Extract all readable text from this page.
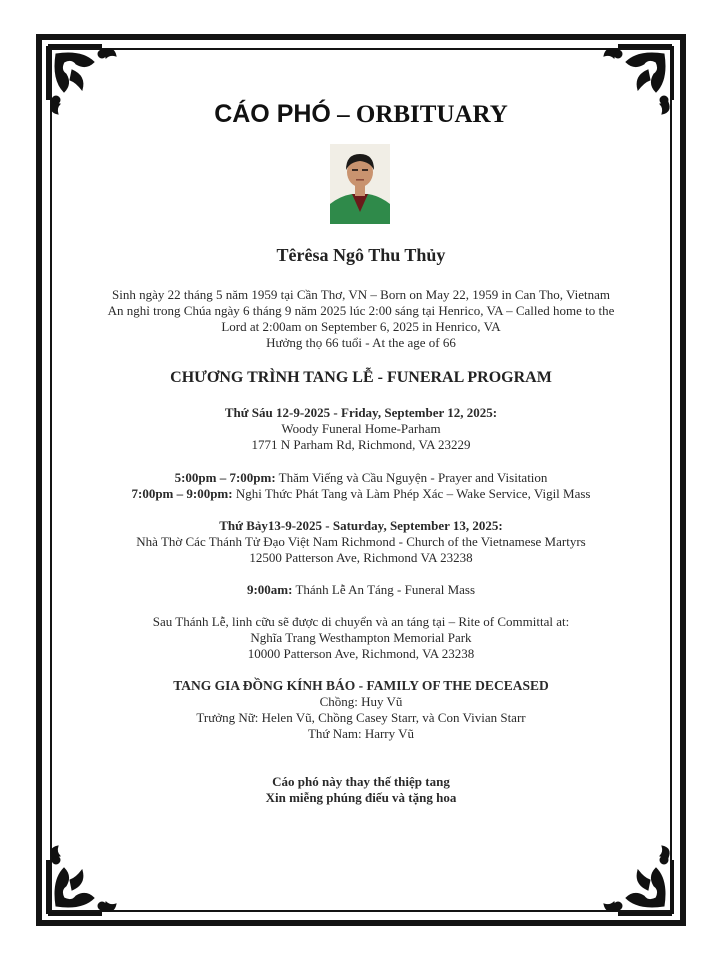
CÁO PHÓ – ORBITUARY
Têrêsa Ngô Thu Thủy
Sinh ngày 22 tháng 5 năm 1959 tại Cần Thơ, VN – Born on May 22, 1959 in Can Tho, Vietnam
An nghỉ trong Chúa ngày 6 tháng 9 năm 2025 lúc 2:00 sáng tại Henrico, VA – Called home to the
Lord at 2:00am on September 6, 2025 in Henrico, VA
Hưởng thọ 66 tuổi - At the age of 66
CHƯƠNG TRÌNH TANG LỄ - FUNERAL PROGRAM
Thứ Sáu 12-9-2025 - Friday, September 12, 2025:
Woody Funeral Home-Parham
1771 N Parham Rd, Richmond, VA 23229
5:00pm – 7:00pm: Thăm Viếng và Cầu Nguyện - Prayer and Visitation
7:00pm – 9:00pm: Nghi Thức Phát Tang và Làm Phép Xác – Wake Service, Vigil Mass
Thứ Bảy13-9-2025 - Saturday, September 13, 2025:
Nhà Thờ Các Thánh Tử Đạo Việt Nam Richmond - Church of the Vietnamese Martyrs
12500 Patterson Ave, Richmond VA 23238
9:00am: Thánh Lễ An Táng - Funeral Mass
Sau Thánh Lễ, linh cữu sẽ được di chuyển và an táng tại – Rite of Committal at:
Nghĩa Trang Westhampton Memorial Park
10000 Patterson Ave, Richmond, VA 23238
TANG GIA ĐỒNG KÍNH BÁO - FAMILY OF THE DECEASED
Chồng: Huy Vũ
Trưởng Nữ: Helen Vũ, Chồng Casey Starr, và Con Vivian Starr
Thứ Nam: Harry Vũ
Cáo phó này thay thế thiệp tang
Xin miễng phúng điếu và tặng hoa
